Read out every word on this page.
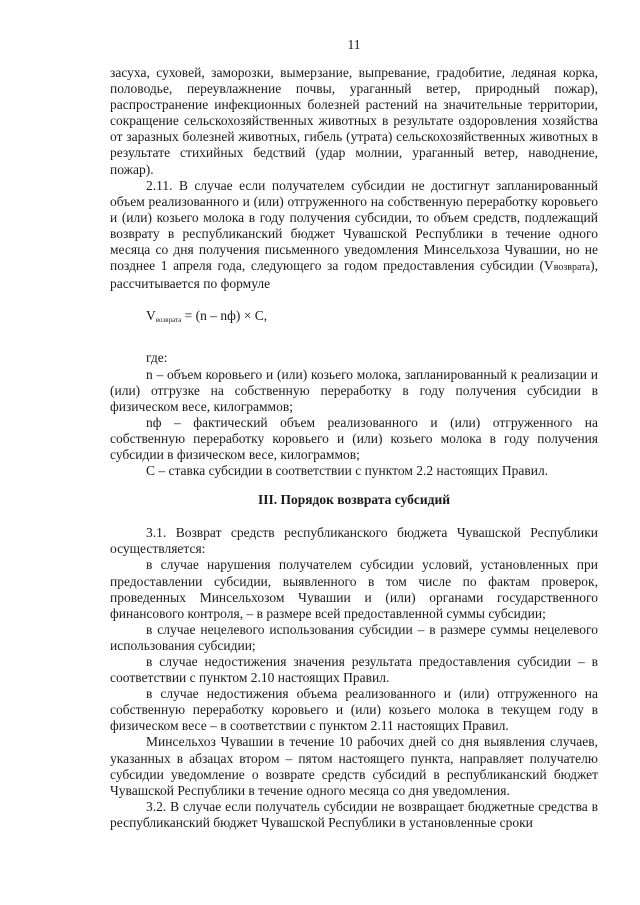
11

засуха, суховей, заморозки, вымерзание, выпревание, градобитие, ледяная корка, половодье, переувлажнение почвы, ураганный ветер, природный пожар), распространение инфекционных болезней растений на значительные территории, сокращение сельскохозяйственных животных в результате оздоровления хозяйства от заразных болезней животных, гибель (утрата) сельскохозяйственных животных в результате стихийных бедствий (удар молнии, ураганный ветер, наводнение, пожар).

2.11. В случае если получателем субсидии не достигнут запланированный объем реализованного и (или) отгруженного на собственную переработку коровьего и (или) козьего молока в году получения субсидии, то объем средств, подлежащий возврату в республиканский бюджет Чувашской Республики в течение одного месяца со дня получения письменного уведомления Минсельхоза Чувашии, но не позднее 1 апреля года, следующего за годом предоставления субсидии (Vвозврата), рассчитывается по формуле

$V_{возврата} = (n - nф) \times C$,

где:

n – объем коровьего и (или) козьего молока, запланированный к реализации и (или) отгрузке на собственную переработку в году получения субсидии в физическом весе, килограммов;

nф – фактический объем реализованного и (или) отгруженного на собственную переработку коровьего и (или) козьего молока в году получения субсидии в физическом весе, килограммов;

C – ставка субсидии в соответствии с пунктом 2.2 настоящих Правил.

III. Порядок возврата субсидий

3.1. Возврат средств республиканского бюджета Чувашской Республики осуществляется:

в случае нарушения получателем субсидии условий, установленных при предоставлении субсидии, выявленного в том числе по фактам проверок, проведенных Минсельхозом Чувашии и (или) органами государственного финансового контроля, – в размере всей предоставленной суммы субсидии;

в случае нецелевого использования субсидии – в размере суммы нецелевого использования субсидии;

в случае недостижения значения результата предоставления субсидии – в соответствии с пунктом 2.10 настоящих Правил.

в случае недостижения объема реализованного и (или) отгруженного на собственную переработку коровьего и (или) козьего молока в текущем году в физическом весе – в соответствии с пунктом 2.11 настоящих Правил.

Минсельхоз Чувашии в течение 10 рабочих дней со дня выявления случаев, указанных в абзацах втором – пятом настоящего пункта, направляет получателю субсидии уведомление о возврате средств субсидий в республиканский бюджет Чувашской Республики в течение одного месяца со дня уведомления.

3.2. В случае если получатель субсидии не возвращает бюджетные средства в республиканский бюджет Чувашской Республики в установленные сроки
